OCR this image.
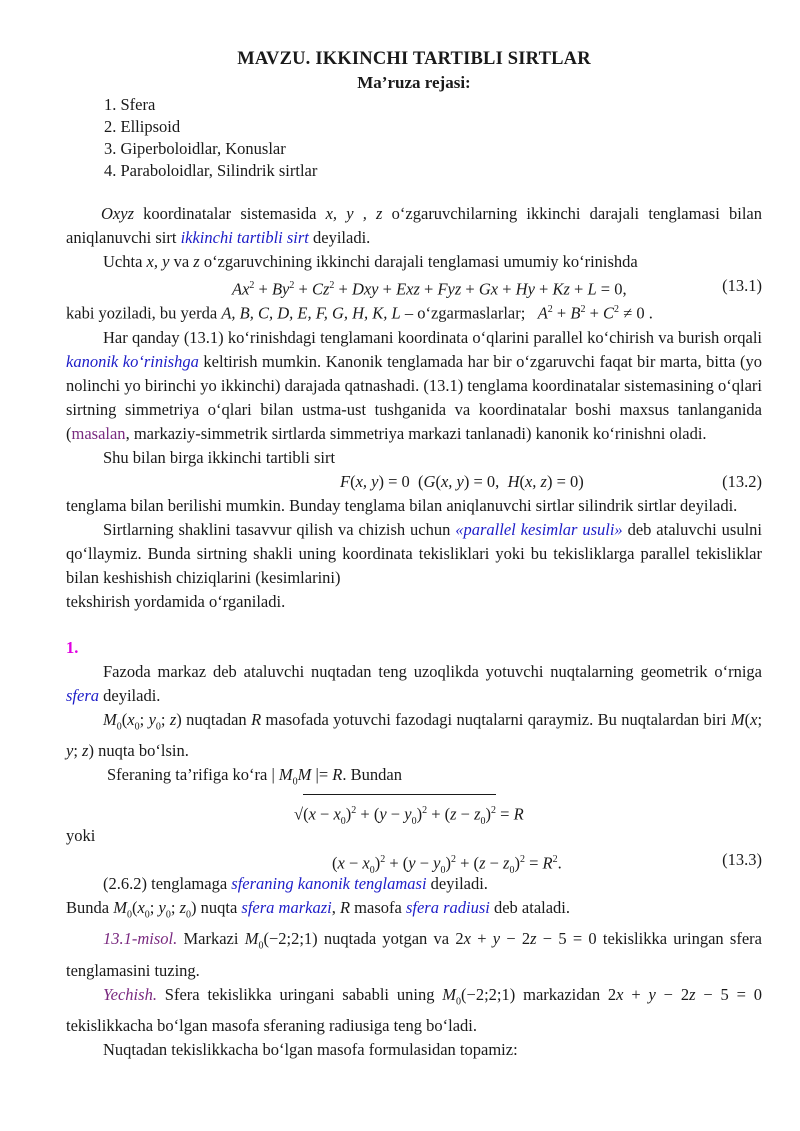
MAVZU. IKKINCHI TARTIBLI SIRTLAR

Ma’ruza rejasi:

1. Sfera
2. Ellipsoid
3. Giperboloidlar, Konuslar
4. Paraboloidlar, Silindrik sirtlar

Oxyz koordinatalar sistemasida x, y , z o‘zgaruvchilarning ikkinchi darajali tenglamasi bilan aniqlanuvchi sirt ikkinchi tartibli sirt deyiladi.

Uchta x, y va z o‘zgaruvchining ikkinchi darajali tenglamasi umumiy ko‘rinishda

$Ax^2 + By^2 + Cz^2$ + Dxy + Exz + Fyz + Gx + Hy + Kz + L = 0,	(13.1)

kabi yoziladi, bu yerda A, B, C, D, E, F, G, H, K, L – o‘zgarmaslarlar; $A^2 + B^2 + C^2 \ne 0$ .

Har qanday (13.1) ko‘rinishdagi tenglamani koordinata o‘qlarini parallel ko‘chirish va burish orqali kanonik ko‘rinishga keltirish mumkin. Kanonik tenglamada har bir o‘zgaruvchi faqat bir marta, bitta (yo nolinchi yo birinchi yo ikkinchi) darajada qatnashadi. (13.1) tenglama koordinatalar sistemasining o‘qlari sirtning simmetriya o‘qlari bilan ustma-ust tushganida va koordinatalar boshi maxsus tanlanganida (masalan, markaziy-simmetrik sirtlarda simmetriya markazi tanlanadi) kanonik ko‘rinishni oladi.

Shu bilan birga ikkinchi tartibli sirt

F(x, y) = 0  (G(x, y) = 0,  H(x, z) = 0)	(13.2)

tenglama bilan berilishi mumkin. Bunday tenglama bilan aniqlanuvchi sirtlar silindrik sirtlar deyiladi.

Sirtlarning shaklini tasavvur qilish va chizish uchun «parallel kesimlar usuli» deb ataluvchi usulni qo‘llaymiz. Bunda sirtning shakli uning koordinata tekisliklari yoki bu tekisliklarga parallel tekisliklar bilan keshishish chiziqlarini (kesimlarini)

tekshirish yordamida o‘rganiladi.

1.

Fazoda markaz deb ataluvchi nuqtadan teng uzoqlikda yotuvchi nuqtalarning geometrik o‘rniga sfera deyiladi.

$M_0(x_0$; $y_0$; z) nuqtadan R masofada yotuvchi fazodagi nuqtalarni qaraymiz. Bu nuqtalardan biri M(x; y; z) nuqta bo‘lsin.

Sferaning ta’rifiga ko‘ra | $M_0M$ |= R. Bundan

$√(x - x_0)^2 + (y - y_0)^2 + (z - z_0)^2 = R$

yoki

$(x - x_0)^2 + (y - y_0)^2 + (z - z_0)^2 = R^2$.	(13.3)

(2.6.2) tenglamaga sferaning kanonik tenglamasi deyiladi.

Bunda $M_0(x_0$; $y_0$; $z_0$) nuqta sfera markazi, R masofa sfera radiusi deb ataladi.

13.1-misol. Markazi $M_0(-2;2;1)$ nuqtada yotgan va 2x + y − 2z − 5 = 0 tekislikka uringan sfera tenglamasini tuzing.

Yechish. Sfera tekislikka uringani sababli uning $M_0(-2;2;1)$ markazidan 2x + y − 2z − 5 = 0 tekislikkacha bo‘lgan masofa sferaning radiusiga teng bo‘ladi.

Nuqtadan tekislikkacha bo‘lgan masofa formulasidan topamiz:
